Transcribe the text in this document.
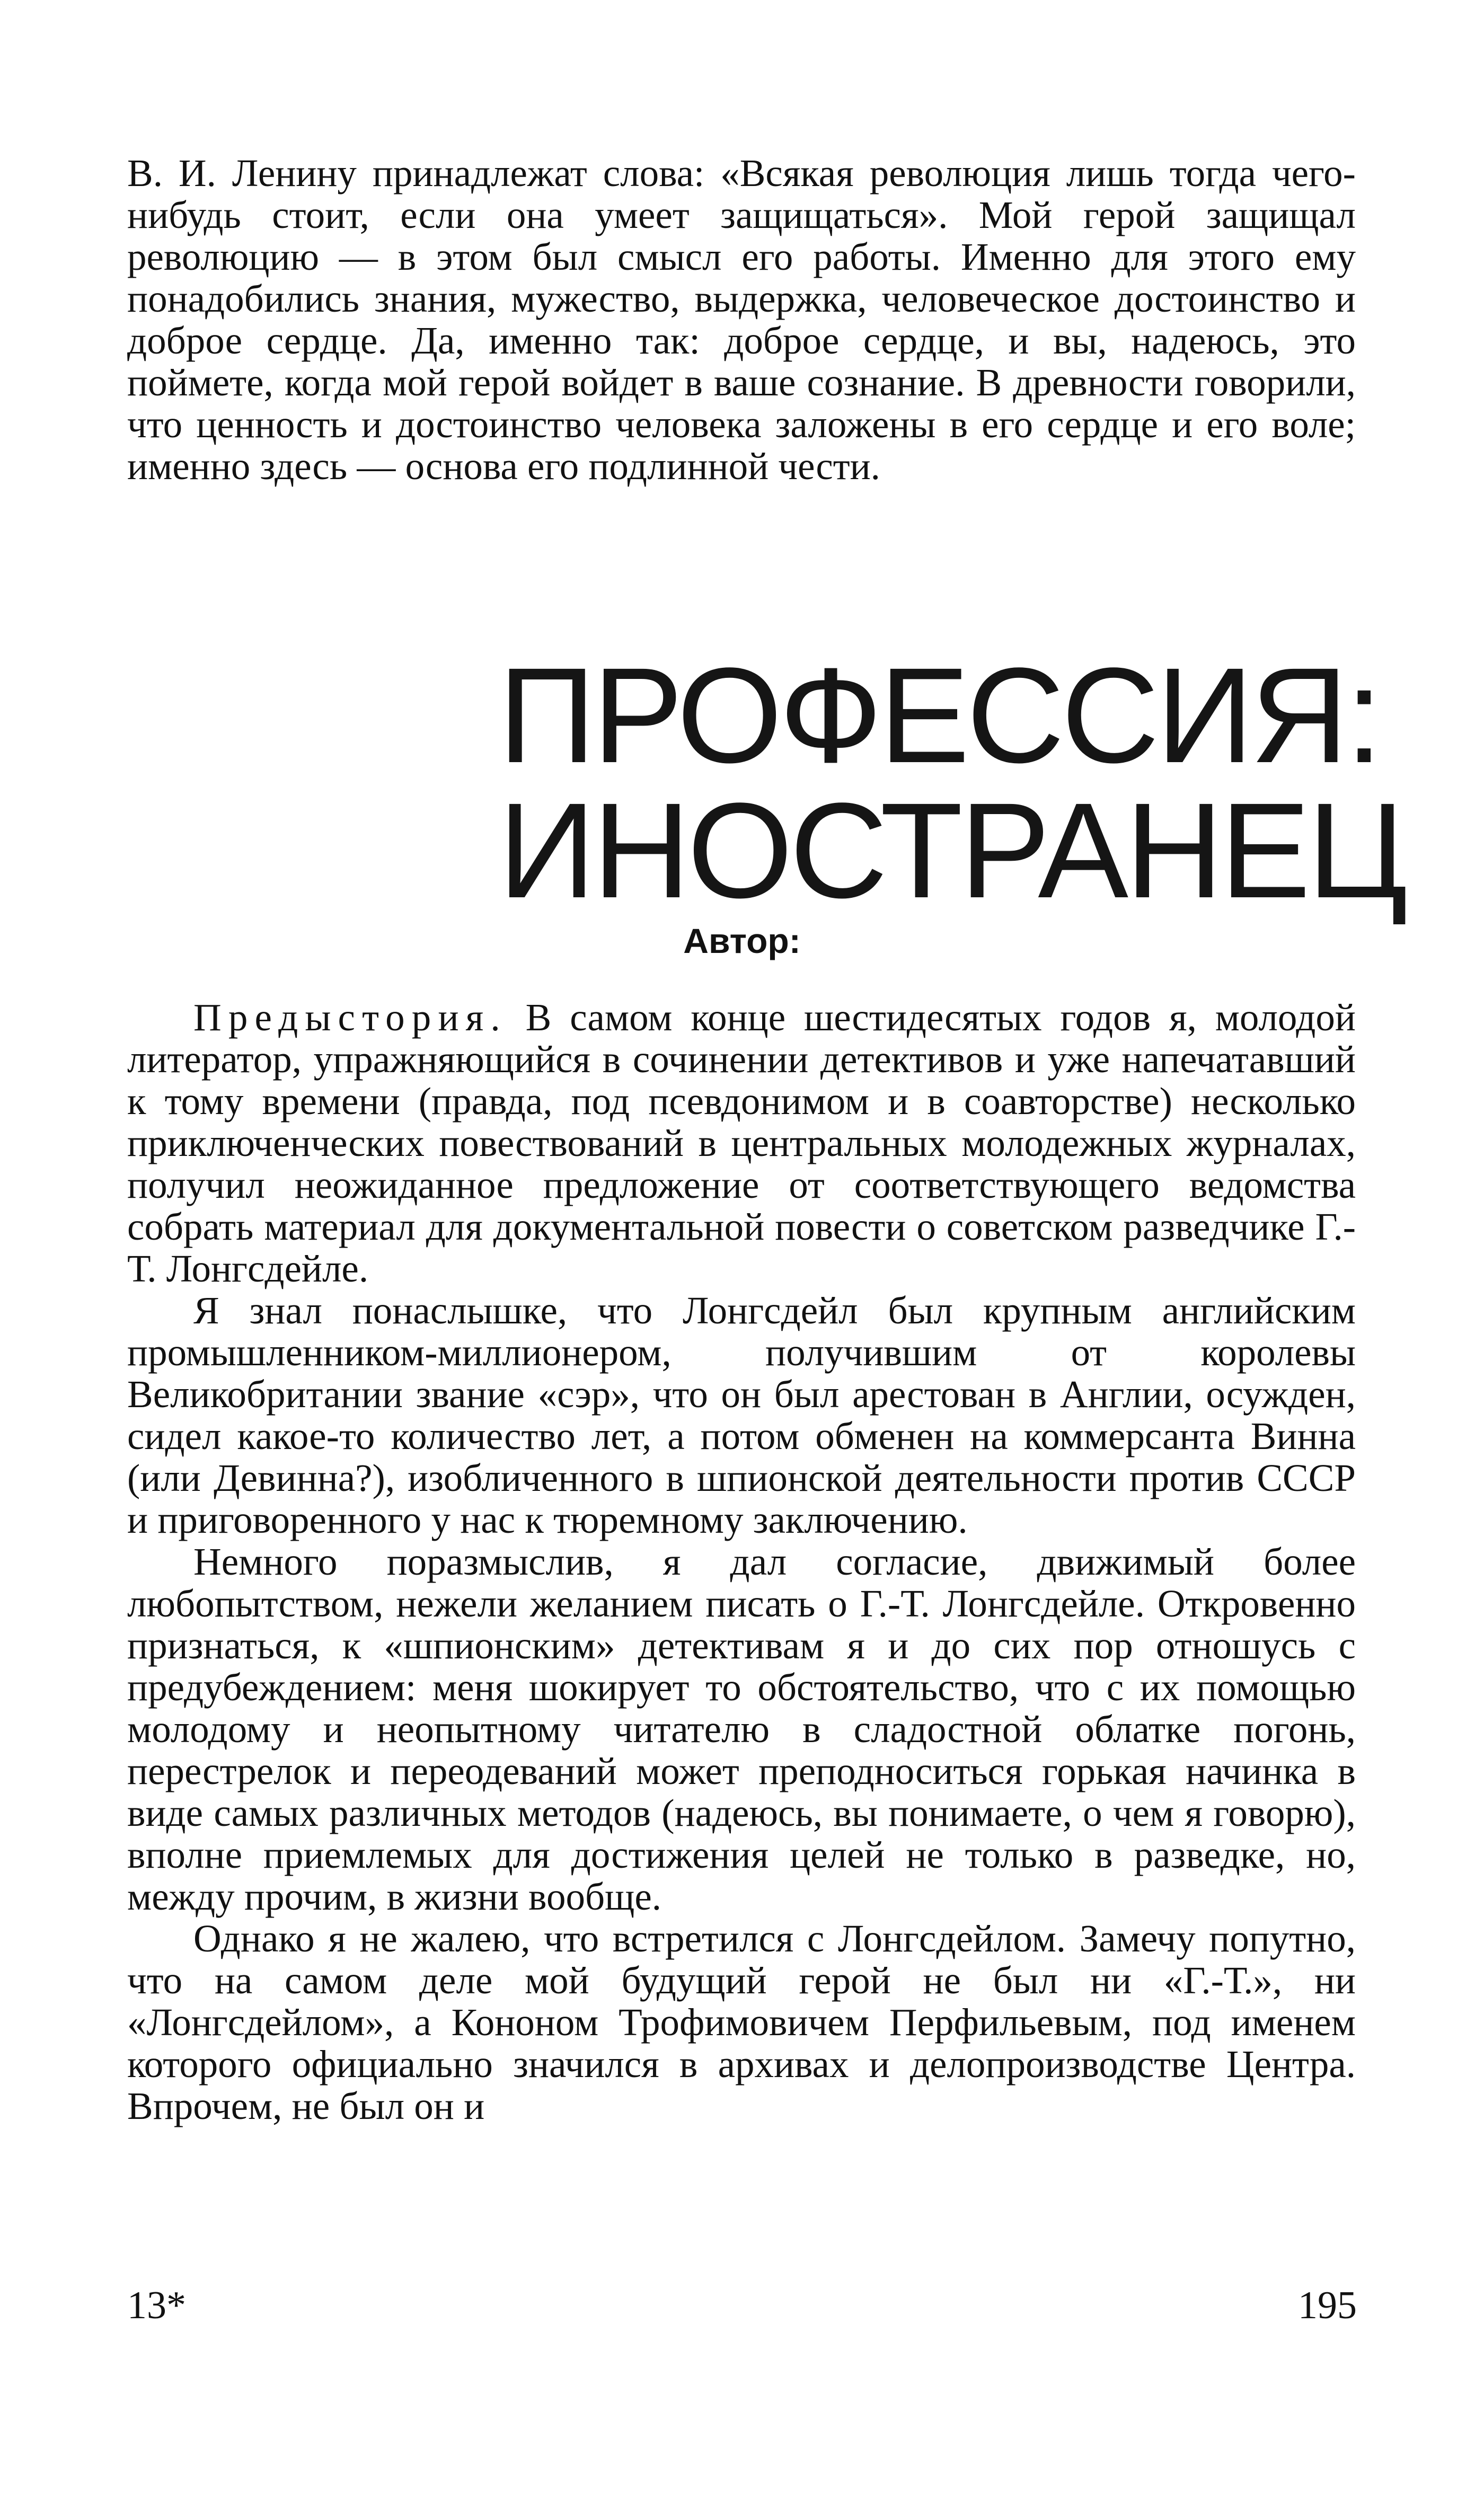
В. И. Ленину принадлежат слова: «Всякая революция лишь тогда чего-нибудь стоит, если она умеет защищаться». Мой герой защищал революцию — в этом был смысл его работы. Именно для этого ему понадобились знания, мужество, выдержка, человеческое достоинство и доброе сердце. Да, именно так: доброе сердце, и вы, надеюсь, это поймете, когда мой герой войдет в ваше сознание. В древности говорили, что ценность и достоинство человека заложены в его сердце и его воле; именно здесь — основа его подлинной чести.

ПРОФЕССИЯ:
ИНОСТРАНЕЦ
Автор:

Предыстория. В самом конце шестидесятых годов я, молодой литератор, упражняющийся в сочинении детективов и уже напечатавший к тому времени (правда, под псевдонимом и в соавторстве) несколько приключенческих повествований в центральных молодежных журналах, получил неожиданное предложение от соответствующего ведомства собрать материал для документальной повести о советском разведчике Г.-Т. Лонгсдейле.

Я знал понаслышке, что Лонгсдейл был крупным английским промышленником-миллионером, получившим от королевы Великобритании звание «сэр», что он был арестован в Англии, осужден, сидел какое-то количество лет, а потом обменен на коммерсанта Винна (или Девинна?), изобличенного в шпионской деятельности против СССР и приговоренного у нас к тюремному заключению.

Немного поразмыслив, я дал согласие, движимый более любопытством, нежели желанием писать о Г.-Т. Лонгсдейле. Откровенно признаться, к «шпионским» детективам я и до сих пор отношусь с предубеждением: меня шокирует то обстоятельство, что с их помощью молодому и неопытному читателю в сладостной облатке погонь, перестрелок и переодеваний может преподноситься горькая начинка в виде самых различных методов (надеюсь, вы понимаете, о чем я говорю), вполне приемлемых для достижения целей не только в разведке, но, между прочим, в жизни вообще.

Однако я не жалею, что встретился с Лонгсдейлом. Замечу попутно, что на самом деле мой будущий герой не был ни «Г.-Т.», ни «Лонгсдейлом», а Кононом Трофимовичем Перфильевым, под именем которого официально значился в архивах и делопроизводстве Центра. Впрочем, не был он и

13*	195
